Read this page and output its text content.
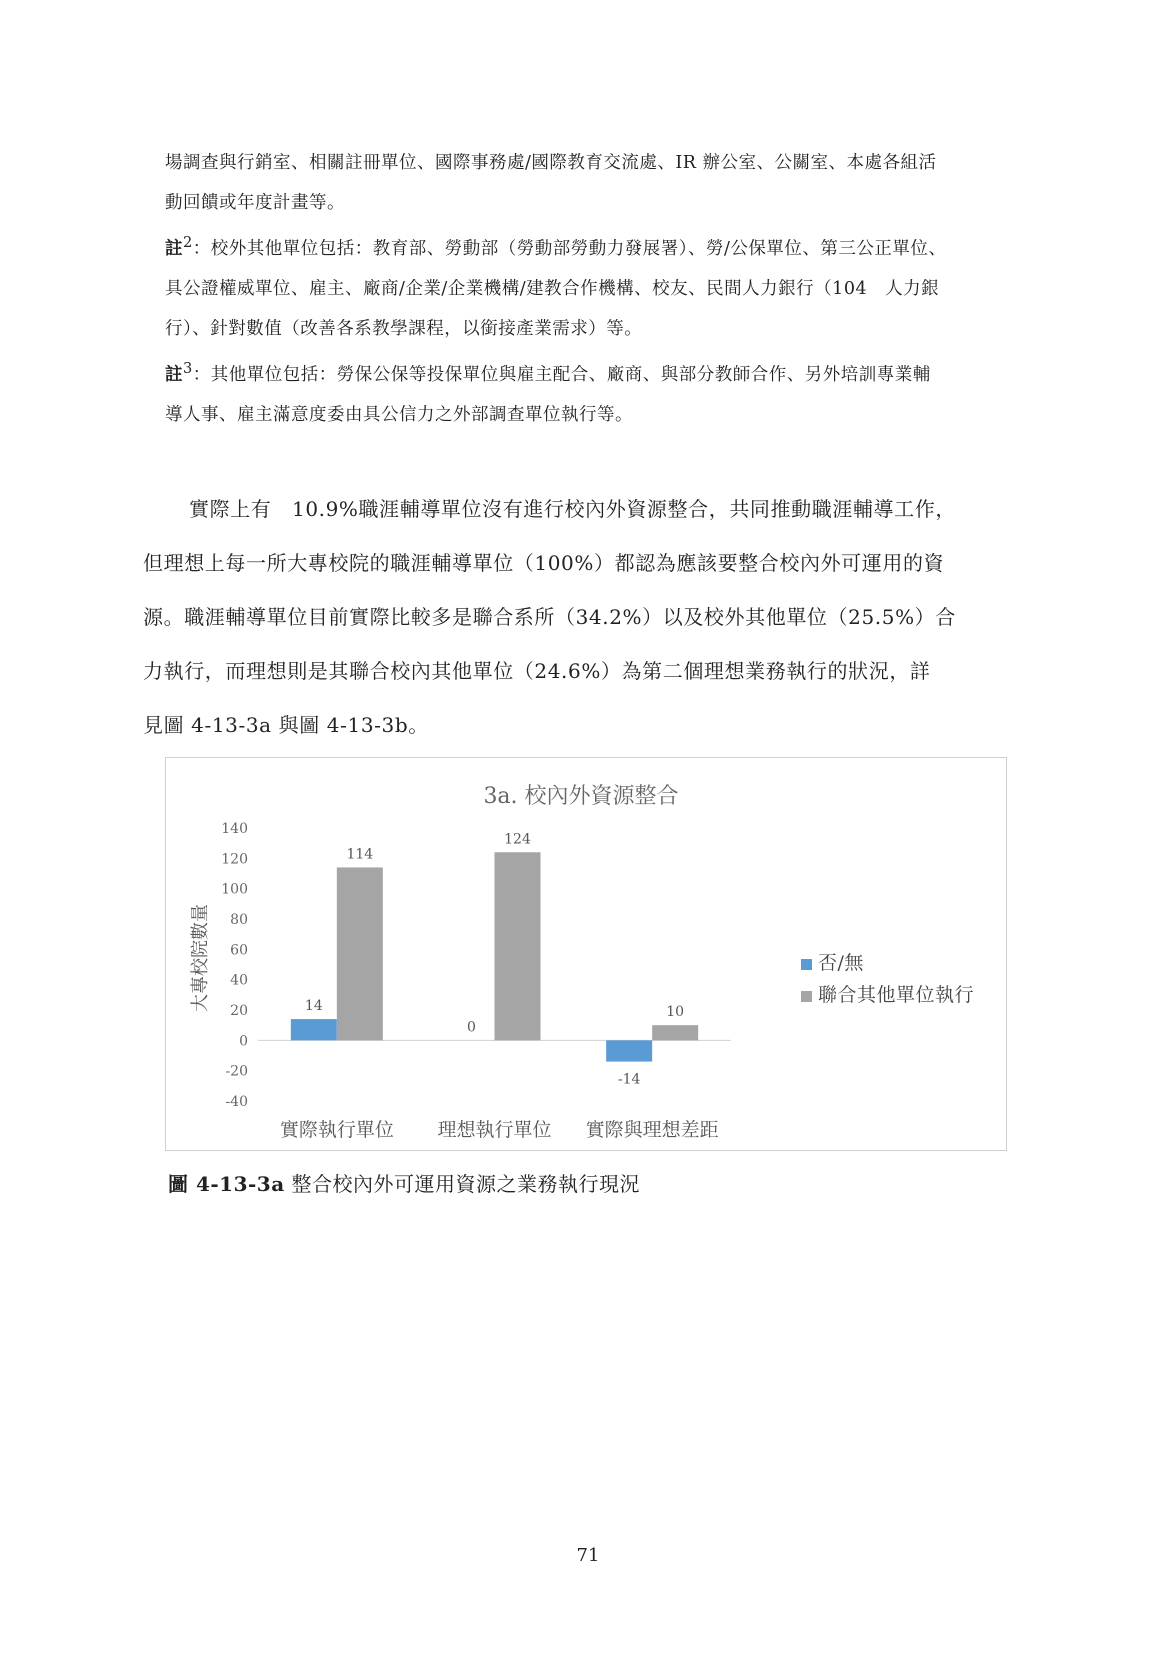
場調查與行銷室、相關註冊單位、國際事務處/國際教育交流處、IR 辦公室、公關室、本處各組活
動回饋或年度計畫等。
註$^2$：校外其他單位包括：教育部、勞動部（勞動部勞動力發展署）、勞/公保單位、第三公正單位、
具公證權威單位、雇主、廠商/企業/企業機構/建教合作機構、校友、民間人力銀行（104　人力銀
行）、針對數值（改善各系教學課程，以銜接產業需求）等。
註$^3$：其他單位包括：勞保公保等投保單位與雇主配合、廠商、與部分教師合作、另外培訓專業輔
導人事、雇主滿意度委由具公信力之外部調查單位執行等。
實際上有　10.9%職涯輔導單位沒有進行校內外資源整合，共同推動職涯輔導工作，
但理想上每一所大專校院的職涯輔導單位（100%）都認為應該要整合校內外可運用的資
源。職涯輔導單位目前實際比較多是聯合系所（34.2%）以及校外其他單位（25.5%）合
力執行，而理想則是其聯合校內其他單位（24.6%）為第二個理想業務執行的狀況，詳
見圖 4-13-3a 與圖 4-13-3b。
3a. 校內外資源整合
大專校院數量
140
120
100
80
60
40
20
0
-20
-40
14
114
實際執行單位
0
124
理想執行單位
-14
10
實際與理想差距
否/無
聯合其他單位執行
圖 4-13-3a 整合校內外可運用資源之業務執行現況
71
